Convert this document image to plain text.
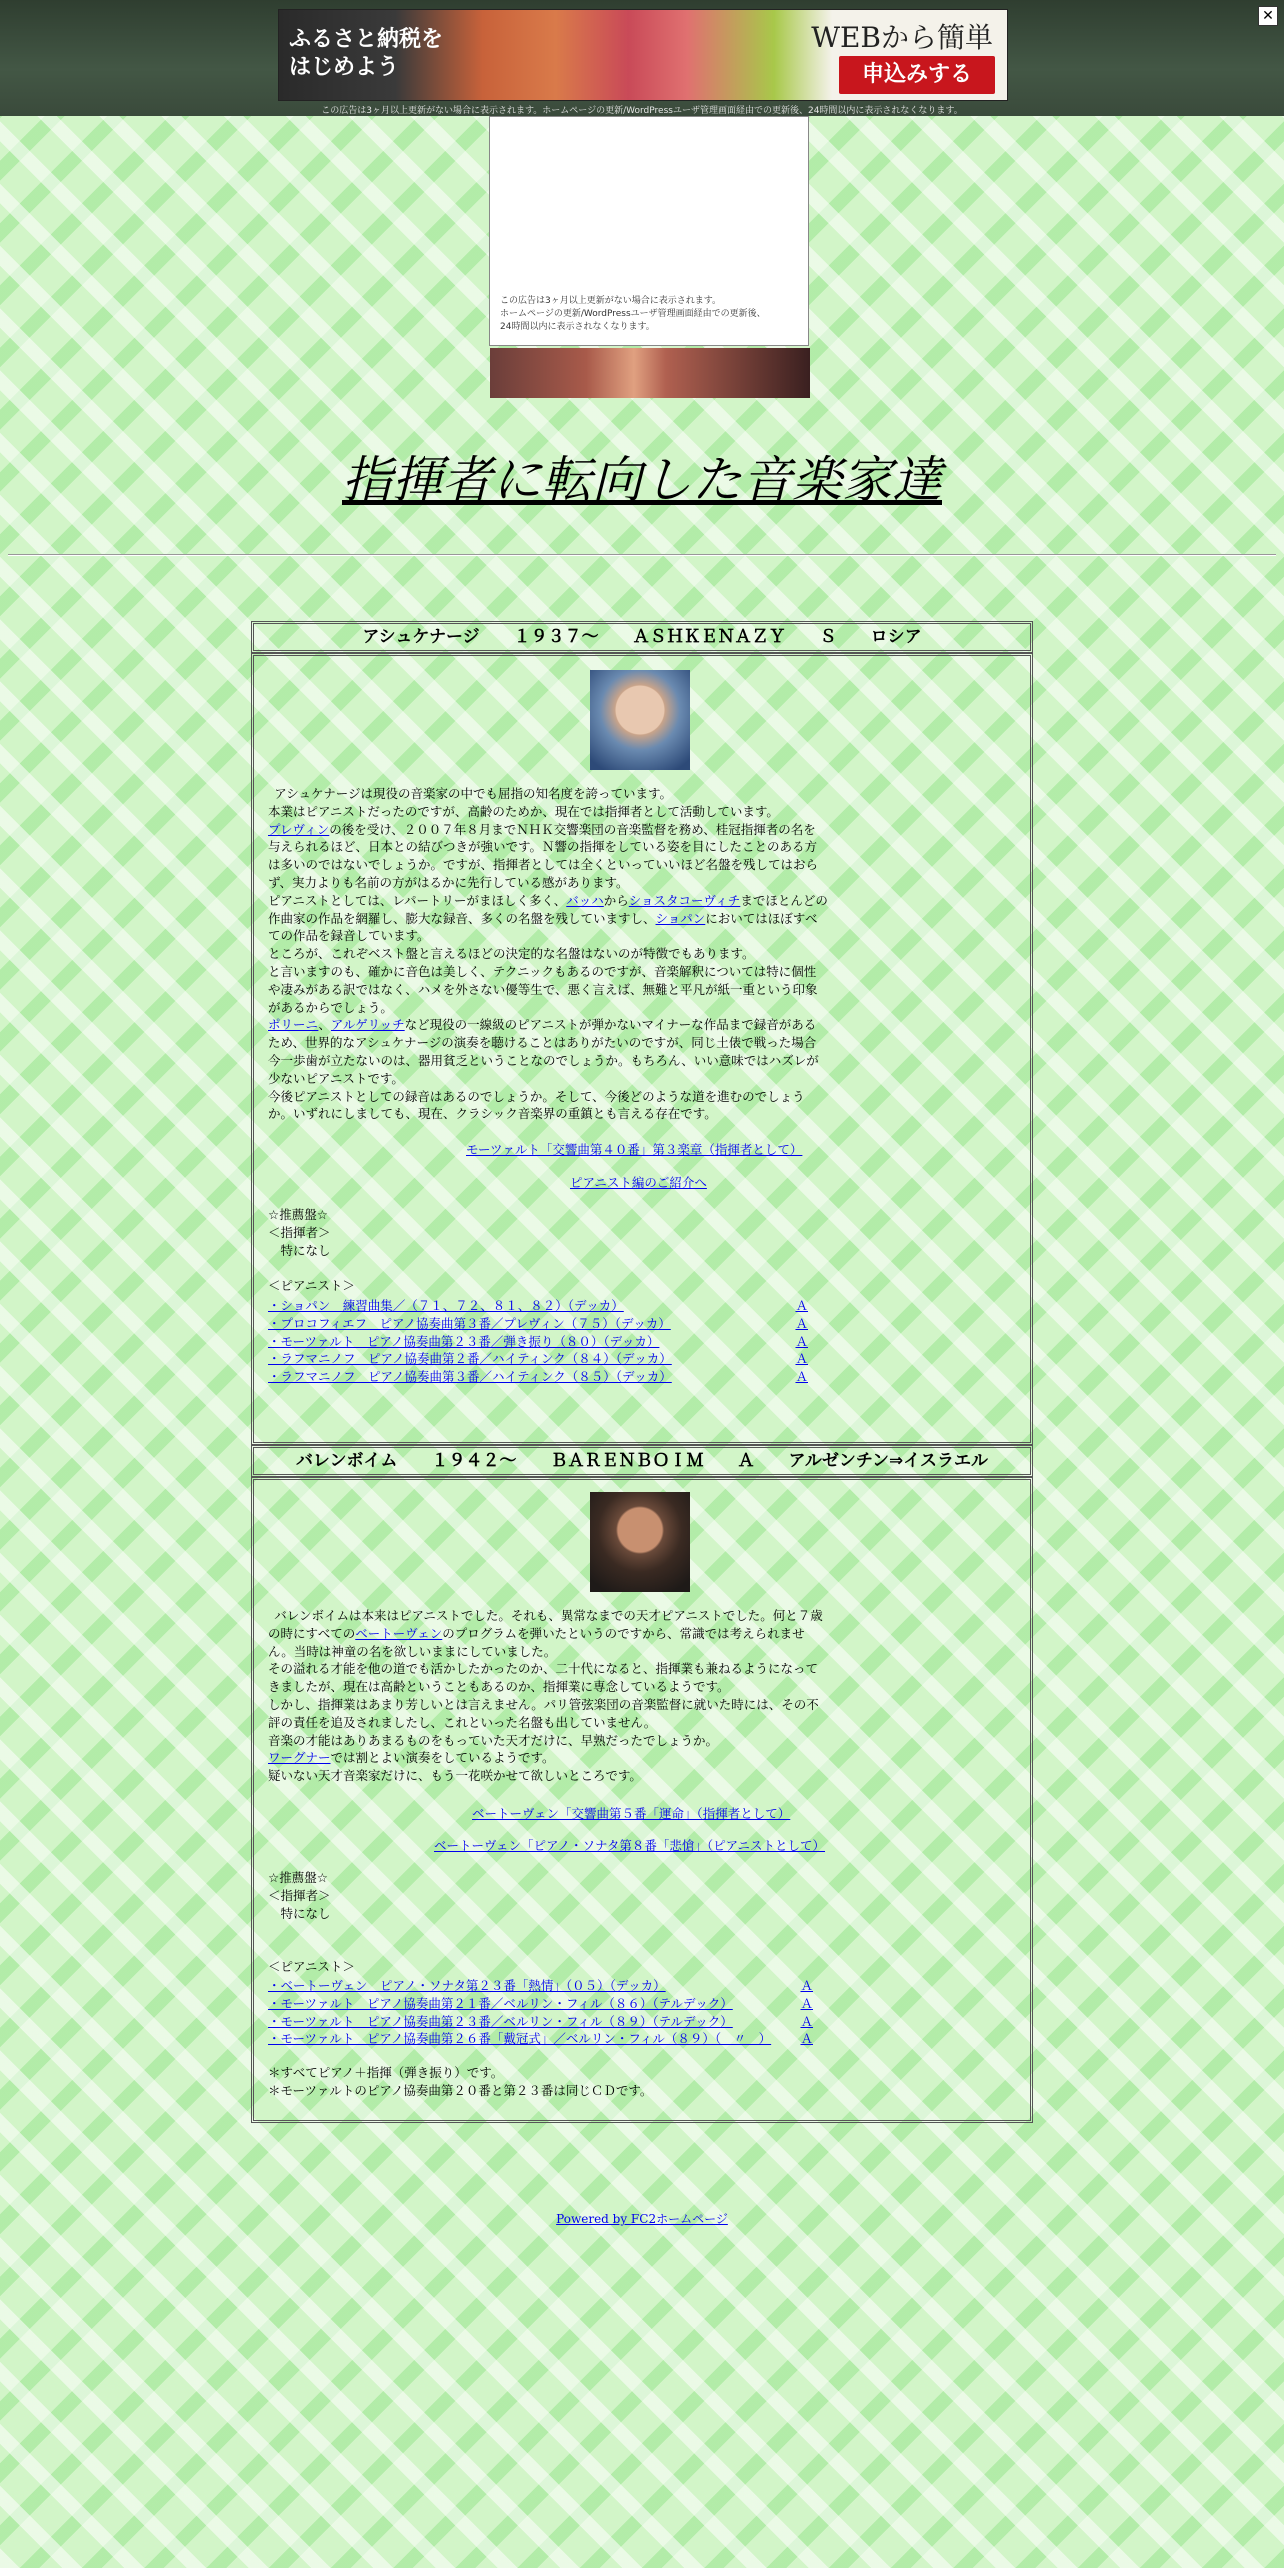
ふるさと納税を
はじめよう
WEBから簡単
申込みする
この広告は3ヶ月以上更新がない場合に表示されます。ホームページの更新/WordPressユーザ管理画面経由での更新後、24時間以内に表示されなくなります。
✕
この広告は3ヶ月以上更新がない場合に表示されます。
ホームページの更新/WordPressユーザ管理画面経由での更新後、
24時間以内に表示されなくなります。
指揮者に転向した音楽家達
アシュケナージ　　１９３７～　　ＡＳＨＫＥＮＡＺＹ　　Ｓ　　ロシア
アシュケナージは現役の音楽家の中でも屈指の知名度を誇っています。
本業はピアニストだったのですが、高齢のためか、現在では指揮者として活動しています。
プレヴィンの後を受け、２００７年８月までＮＨＫ交響楽団の音楽監督を務め、桂冠指揮者の名を与えられるほど、日本との結びつきが強いです。Ｎ響の指揮をしている姿を目にしたことのある方は多いのではないでしょうか。ですが、指揮者としては全くといっていいほど名盤を残してはおらず、実力よりも名前の方がはるかに先行している感があります。
ピアニストとしては、レパートリーがまほしく多く、バッハからショスタコーヴィチまでほとんどの作曲家の作品を網羅し、膨大な録音、多くの名盤を残していますし、ショパンにおいてはほぼすべての作品を録音しています。
ところが、これぞベスト盤と言えるほどの決定的な名盤はないのが特徴でもあります。
と言いますのも、確かに音色は美しく、テクニックもあるのですが、音楽解釈については特に個性や凄みがある訳ではなく、ハメを外さない優等生で、悪く言えば、無難と平凡が紙一重という印象があるからでしょう。
ポリーニ、アルゲリッチなど現役の一線級のピアニストが弾かないマイナーな作品まで録音があるため、世界的なアシュケナージの演奏を聴けることはありがたいのですが、同じ土俵で戦った場合今一歩歯が立たないのは、器用貧乏ということなのでしょうか。もちろん、いい意味ではハズレが少ないピアニストです。
今後ピアニストとしての録音はあるのでしょうか。そして、今後どのような道を進むのでしょうか。いずれにしましても、現在、クラシック音楽界の重鎮とも言える存在です。
モーツァルト「交響曲第４０番」第３楽章（指揮者として）
ピアニスト編のご紹介へ
☆推薦盤☆
＜指揮者＞
　特になし
＜ピアニスト＞
・ショパン　練習曲集／（７１、７２、８１、８２）（デッカ）	Ａ
・プロコフィエフ　ピアノ協奏曲第３番／プレヴィン（７５）（デッカ）	Ａ
・モーツァルト　ピアノ協奏曲第２３番／弾き振り（８０）（デッカ）	Ａ
・ラフマニノフ　ピアノ協奏曲第２番／ハイティンク（８４）（デッカ）	Ａ
・ラフマニノフ　ピアノ協奏曲第３番／ハイティンク（８５）（デッカ）	Ａ
バレンボイム　　１９４２～　　ＢＡＲＥＮＢＯＩＭ　　Ａ　　アルゼンチン⇒イスラエル
バレンボイムは本来はピアニストでした。それも、異常なまでの天才ピアニストでした。何と７歳の時にすべてのベートーヴェンのプログラムを弾いたというのですから、常識では考えられません。当時は神童の名を欲しいままにしていました。
その溢れる才能を他の道でも活かしたかったのか、二十代になると、指揮業も兼ねるようになってきましたが、現在は高齢ということもあるのか、指揮業に専念しているようです。
しかし、指揮業はあまり芳しいとは言えません。パリ管弦楽団の音楽監督に就いた時には、その不評の責任を追及されましたし、これといった名盤も出していません。
音楽の才能はありあまるものをもっていた天才だけに、早熟だったでしょうか。
ワーグナーでは割とよい演奏をしているようです。
疑いない天才音楽家だけに、もう一花咲かせて欲しいところです。
ベートーヴェン「交響曲第５番「運命」（指揮者として）
ベートーヴェン「ピアノ・ソナタ第８番「悲愴」（ピアニストとして）
☆推薦盤☆
＜指揮者＞
　特になし
＜ピアニスト＞
・ベートーヴェン　ピアノ・ソナタ第２３番「熱情」（０５）（デッカ）	Ａ
・モーツァルト　ピアノ協奏曲第２１番／ベルリン・フィル（８６）（テルデック）	Ａ
・モーツァルト　ピアノ協奏曲第２３番／ベルリン・フィル（８９）（テルデック）	Ａ
・モーツァルト　ピアノ協奏曲第２６番「戴冠式」／ベルリン・フィル（８９）（　〃　） Ａ
＊すべてピアノ＋指揮（弾き振り）です。
＊モーツァルトのピアノ協奏曲第２０番と第２３番は同じＣＤです。
Powered by FC2ホームページ
